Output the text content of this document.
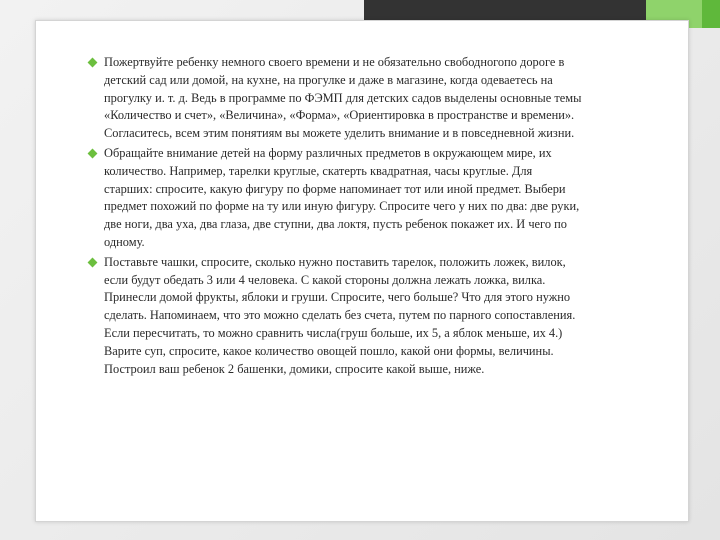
Пожертвуйте ребенку немного своего времени и не обязательно свободногопо дороге в
детский сад или домой, на кухне, на прогулке и даже в магазине, когда одеваетесь на
прогулку и. т. д. Ведь в программе по ФЭМП для детских садов выделены основные темы
«Количество и счет», «Величина», «Форма», «Ориентировка в пространстве и времени».
Согласитесь, всем этим понятиям вы можете уделить внимание и в повседневной жизни.

Обращайте внимание детей на форму различных предметов в окружающем мире, их
количество. Например, тарелки круглые, скатерть квадратная, часы круглые. Для
старших: спросите, какую фигуру по форме напоминает тот или иной предмет. Выбери
предмет похожий по форме на ту или иную фигуру. Спросите чего у них по два: две руки,
две ноги, два уха, два глаза, две ступни, два локтя, пусть ребенок покажет их. И чего по
одному.

Поставьте чашки, спросите, сколько нужно поставить тарелок, положить ложек, вилок,
если будут обедать 3 или 4 человека. С какой стороны должна лежать ложка, вилка.
Принесли домой фрукты, яблоки и груши. Спросите, чего больше? Что для этого нужно
сделать. Напоминаем, что это можно сделать без счета, путем по парного сопоставления.
Если пересчитать, то можно сравнить числа(груш больше, их 5, а яблок меньше, их 4.)
Варите суп, спросите, какое количество овощей пошло, какой они формы, величины.
Построил ваш ребенок 2 башенки, домики, спросите какой выше, ниже.
